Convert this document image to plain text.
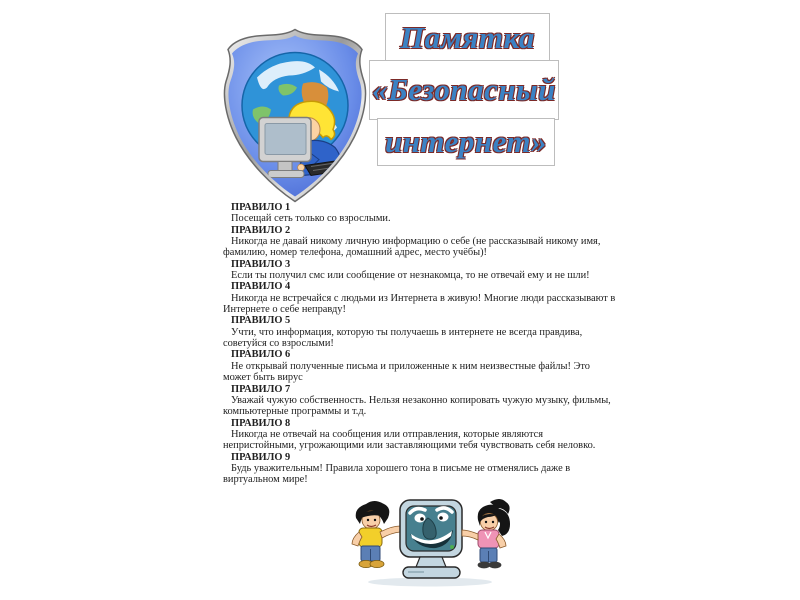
Памятка
«Безопасный
интернет»

ПРАВИЛО 1

Посещай сеть только со взрослыми.

ПРАВИЛО 2

Никогда не давай никому личную информацию о себе (не рассказывай никому имя, фамилию, номер телефона, домашний адрес, место учёбы)!

ПРАВИЛО 3

Если ты получил смс или сообщение от незнакомца, то не отвечай ему и не шли!

ПРАВИЛО 4

Никогда не встречайся с людьми из Интернета в живую! Многие люди рассказывают в Интернете о себе неправду!

ПРАВИЛО 5

Учти, что информация, которую ты получаешь в интернете не всегда правдива, советуйся со взрослыми!

ПРАВИЛО 6

Не открывай полученные письма и приложенные к ним неизвестные файлы! Это может быть вирус

ПРАВИЛО 7

Уважай чужую собственность. Нельзя незаконно копировать чужую музыку, фильмы, компьютерные программы и т.д.

ПРАВИЛО 8

Никогда не отвечай на сообщения или отправления, которые являются непристойными, угрожающими или заставляющими тебя чувствовать себя неловко.

ПРАВИЛО 9

Будь уважительным! Правила хорошего тона в письме не отменялись даже в виртуальном мире!
